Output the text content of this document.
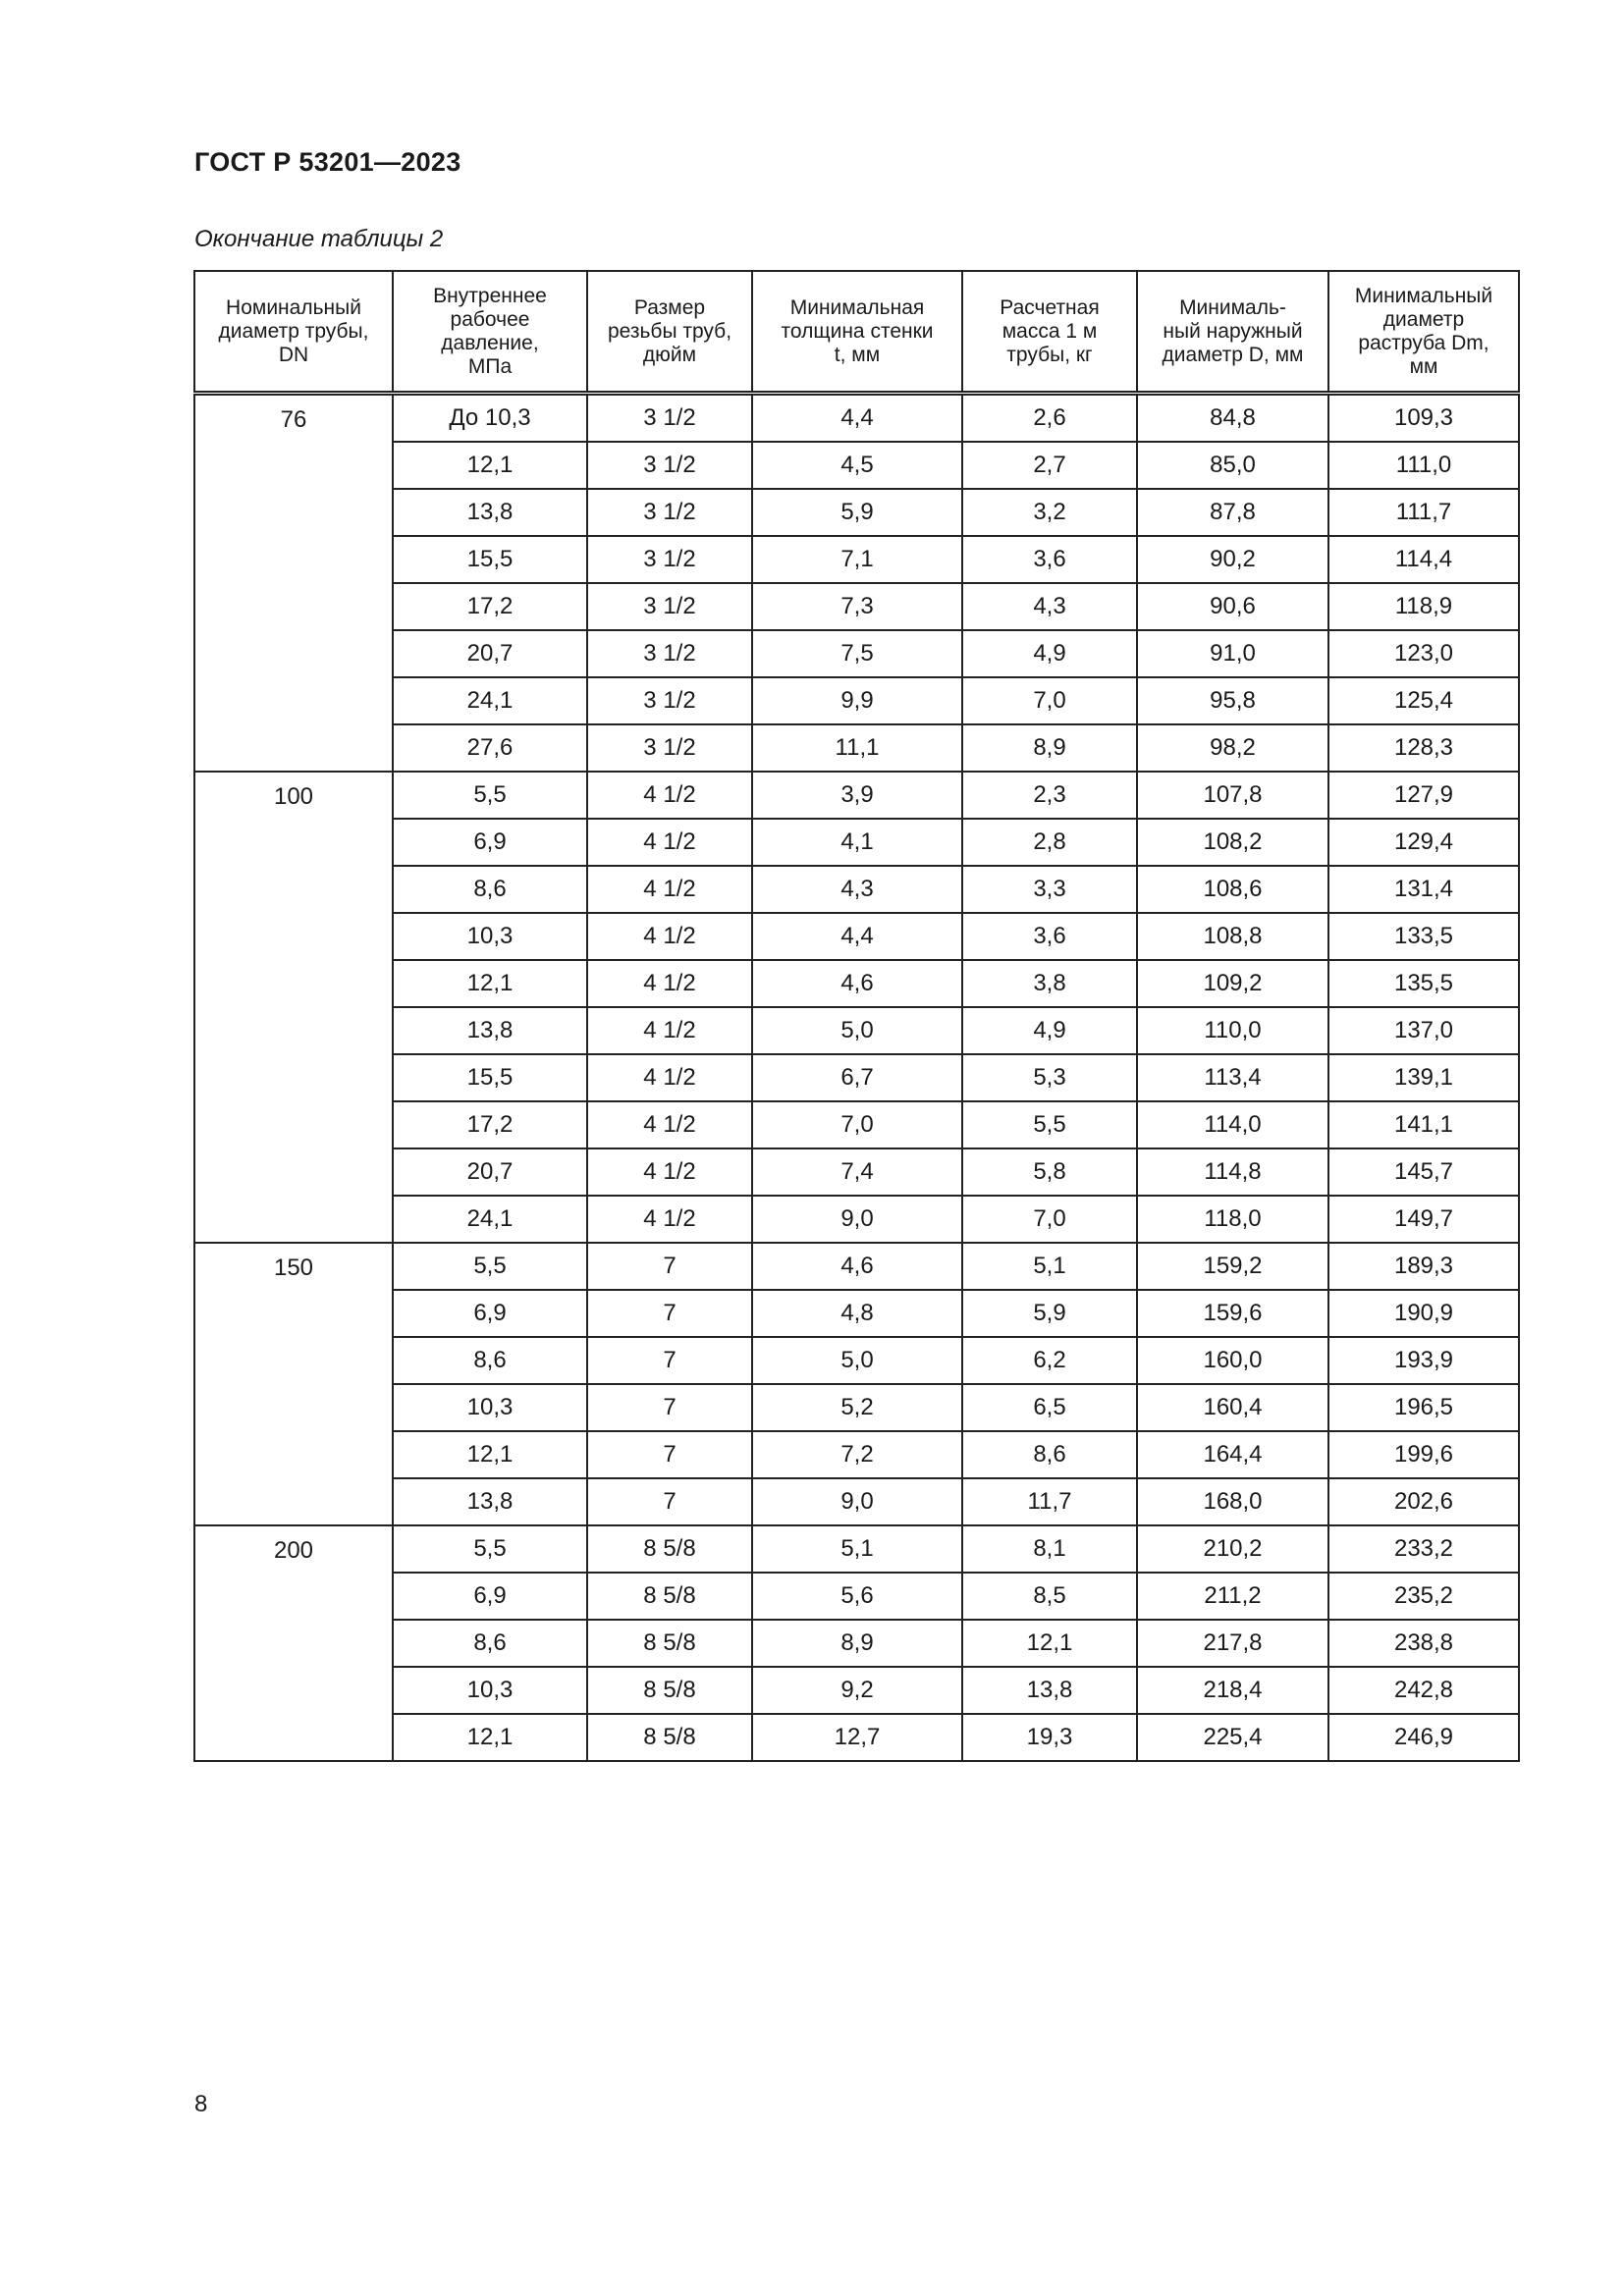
ГОСТ Р 53201—2023
Окончание таблицы 2
Номинальный
диаметр трубы,
DN	Внутреннее
рабочее
давление,
МПа	Размер
резьбы труб,
дюйм	Минимальная
толщина стенки
t, мм	Расчетная
масса 1 м
трубы, кг	Минималь-
ный наружный
диаметр D, мм	Минимальный
диаметр
раструба Dm,
мм

76	До 10,3	3 1/2	4,4	2,6	84,8	109,3
	12,1	3 1/2	4,5	2,7	85,0	111,0
	13,8	3 1/2	5,9	3,2	87,8	111,7
	15,5	3 1/2	7,1	3,6	90,2	114,4
	17,2	3 1/2	7,3	4,3	90,6	118,9
	20,7	3 1/2	7,5	4,9	91,0	123,0
	24,1	3 1/2	9,9	7,0	95,8	125,4
	27,6	3 1/2	11,1	8,9	98,2	128,3
100	5,5	4 1/2	3,9	2,3	107,8	127,9
	6,9	4 1/2	4,1	2,8	108,2	129,4
	8,6	4 1/2	4,3	3,3	108,6	131,4
	10,3	4 1/2	4,4	3,6	108,8	133,5
	12,1	4 1/2	4,6	3,8	109,2	135,5
	13,8	4 1/2	5,0	4,9	110,0	137,0
	15,5	4 1/2	6,7	5,3	113,4	139,1
	17,2	4 1/2	7,0	5,5	114,0	141,1
	20,7	4 1/2	7,4	5,8	114,8	145,7
	24,1	4 1/2	9,0	7,0	118,0	149,7
150	5,5	7	4,6	5,1	159,2	189,3
	6,9	7	4,8	5,9	159,6	190,9
	8,6	7	5,0	6,2	160,0	193,9
	10,3	7	5,2	6,5	160,4	196,5
	12,1	7	7,2	8,6	164,4	199,6
	13,8	7	9,0	11,7	168,0	202,6
200	5,5	8 5/8	5,1	8,1	210,2	233,2
	6,9	8 5/8	5,6	8,5	211,2	235,2
	8,6	8 5/8	8,9	12,1	217,8	238,8
	10,3	8 5/8	9,2	13,8	218,4	242,8
	12,1	8 5/8	12,7	19,3	225,4	246,9
8
